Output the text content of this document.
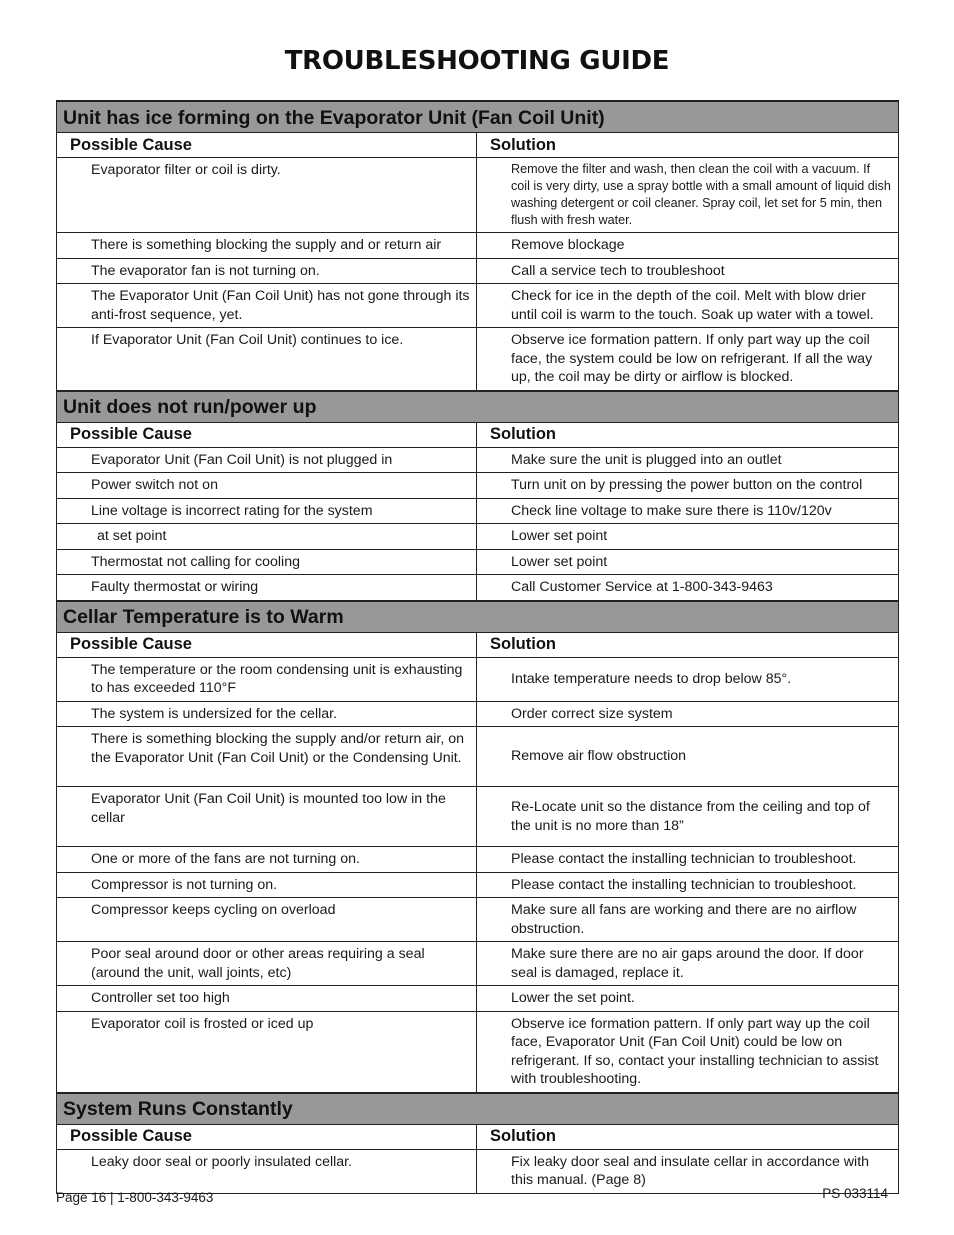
TROUBLESHOOTING GUIDE
Unit has ice forming on the Evaporator Unit (Fan Coil Unit)	
Possible Cause	Solution
Evaporator filter or coil is dirty.	Remove the filter and wash, then clean the coil with a vacuum. If coil is very dirty, use a spray bottle with a small amount of liquid dish washing detergent or coil cleaner. Spray coil, let set for 5 min, then flush with fresh water.
There is something blocking the supply and or return air	Remove blockage
The evaporator fan is not turning on.	Call a service tech to troubleshoot
The Evaporator Unit (Fan Coil Unit) has not gone through its anti-frost sequence, yet.	Check for ice in the depth of the coil. Melt with blow drier until coil is warm to the touch. Soak up water with a towel.
If Evaporator Unit (Fan Coil Unit) continues to ice.	Observe ice formation pattern. If only part way up the coil face, the system could be low on refrigerant. If all the way up, the coil may be dirty or airflow is blocked.
Unit does not run/power up	
Possible Cause	Solution
Evaporator Unit (Fan Coil Unit) is not plugged in	Make sure the unit is plugged into an outlet
Power switch not on	Turn unit on by pressing the power button on the control
Line voltage is incorrect rating for the system	Check line voltage to make sure there is 110v/120v
at set point	Lower set point
Thermostat not calling for cooling	Lower set point
Faulty thermostat or wiring	Call Customer Service at 1-800-343-9463
Cellar Temperature is to Warm	
Possible Cause	Solution
The temperature or the room condensing unit is exhausting to has exceeded 110°F	Intake temperature needs to drop below 85°.
The system is undersized for the cellar.	Order correct size system
There is something blocking the supply and/or return air, on the Evaporator Unit (Fan Coil Unit) or the Condensing Unit.	Remove air flow obstruction
Evaporator Unit (Fan Coil Unit) is mounted too low in the cellar	Re-Locate unit so the distance from the ceiling and top of the unit is no more than 18”
One or more of the fans are not turning on.	Please contact the installing technician to troubleshoot.
Compressor is not turning on.	Please contact the installing technician to troubleshoot.
Compressor keeps cycling on overload	Make sure all fans are working and there are no airflow obstruction.
Poor seal around door or other areas requiring a seal (around the unit, wall joints, etc)	Make sure there are no air gaps around the door. If door seal is damaged, replace it.
Controller set too high	Lower the set point.
Evaporator coil is frosted or iced up	Observe ice formation pattern. If only part way up the coil face, Evaporator Unit (Fan Coil Unit) could be low on refrigerant. If so, contact your installing technician to assist with troubleshooting.
System Runs Constantly	
Possible Cause	Solution
Leaky door seal or poorly insulated cellar.	Fix leaky door seal and insulate cellar in accordance with this manual. (Page 8)
Page 16 | 1-800-343-9463	PS 033114
